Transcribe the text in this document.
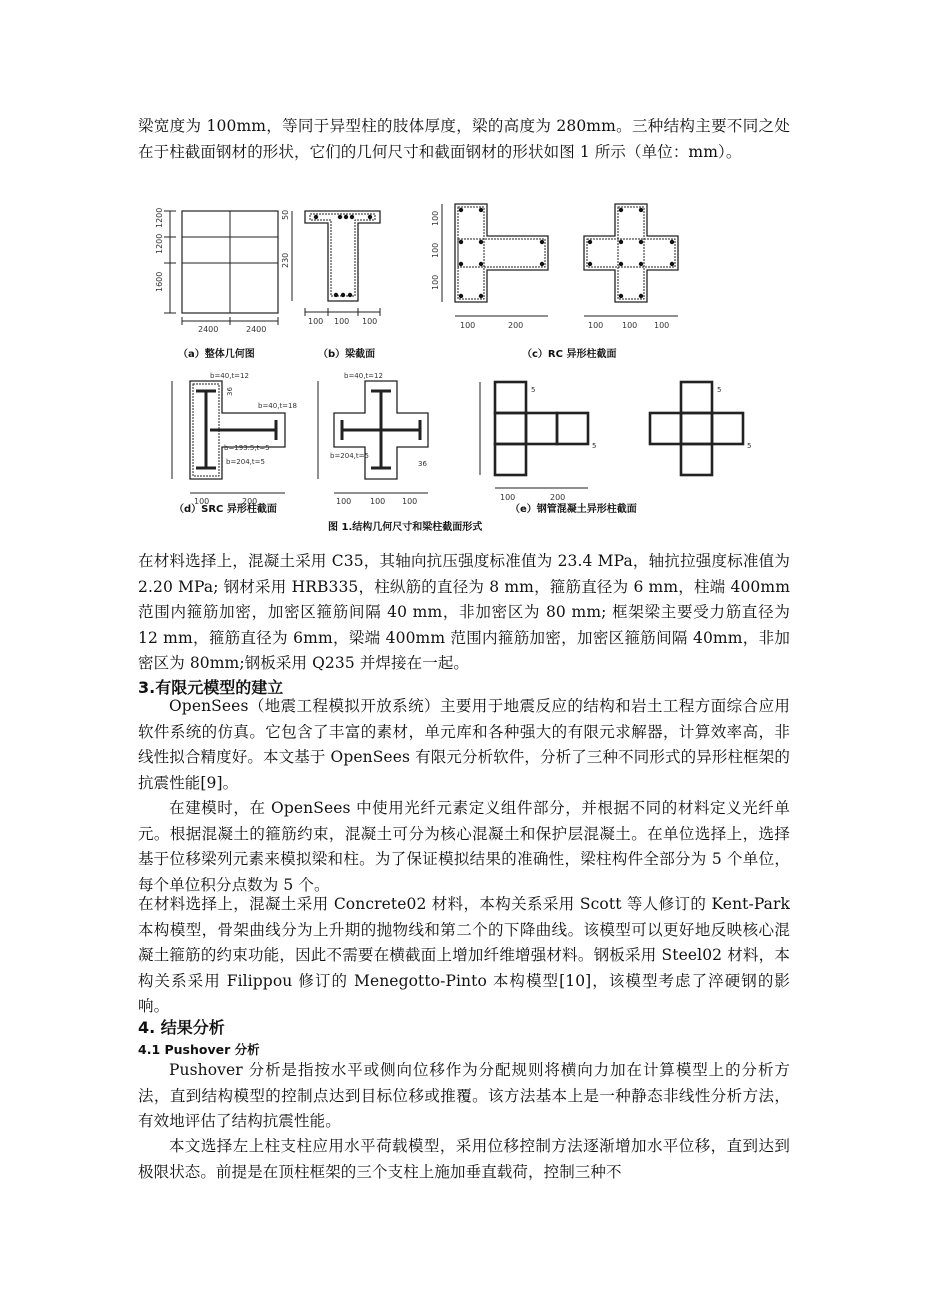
梁宽度为 100mm，等同于异型柱的肢体厚度，梁的高度为 280mm。三种结构主要不同之处在于柱截面钢材的形状，它们的几何尺寸和截面钢材的形状如图 1 所示（单位：mm）。

1200
1200
1600
2400	2400
50
230
100 100 100
100
100
100
100	200	100 100 100
b=40,t=12
b=40,t=18
b=193.5,t=5
b=204,t=5
b=40,t=12
b=204,t=5
36
36
100	200	100 100 100	100	200
5
5
5
5
（a）整体几何图	（b）梁截面	（c）RC 异形柱截面
（d）SRC 异形柱截面	（e）钢管混凝土异形柱截面
图 1.结构几何尺寸和梁柱截面形式

在材料选择上，混凝土采用 C35，其轴向抗压强度标准值为 23.4 MPa，轴抗拉强度标准值为 2.20 MPa; 钢材采用 HRB335，柱纵筋的直径为 8 mm，箍筋直径为 6 mm，柱端 400mm 范围内箍筋加密，加密区箍筋间隔 40 mm，非加密区为 80 mm; 框架梁主要受力筋直径为 12 mm，箍筋直径为 6mm，梁端 400mm 范围内箍筋加密，加密区箍筋间隔 40mm，非加密区为 80mm;钢板采用 Q235 并焊接在一起。

3.有限元模型的建立

OpenSees（地震工程模拟开放系统）主要用于地震反应的结构和岩土工程方面综合应用 软件系统的仿真。它包含了丰富的素材，单元库和各种强大的有限元求解器，计算效率高，非线性拟合精度好。本文基于 OpenSees 有限元分析软件，分析了三种不同形式的异形柱框架的抗震性能[9]。

在建模时，在 OpenSees 中使用光纤元素定义组件部分，并根据不同的材料定义光纤单元。根据混凝土的箍筋约束，混凝土可分为核心混凝土和保护层混凝土。在单位选择上，选择基于位移梁列元素来模拟梁和柱。为了保证模拟结果的准确性，梁柱构件全部分为 5 个单位，每个单位积分点数为 5 个。

在材料选择上，混凝土采用 Concrete02 材料，本构关系采用 Scott 等人修订的 Kent-Park 本构模型，骨架曲线分为上升期的抛物线和第二个的下降曲线。该模型可以更好地反映核心混凝土箍筋的约束功能，因此不需要在横截面上增加纤维增强材料。钢板采用 Steel02 材料，本构关系采用 Filippou 修订的 Menegotto-Pinto 本构模型[10]，该模型考虑了淬硬钢的影响。

4. 结果分析
4.1 Pushover 分析

Pushover 分析是指按水平或侧向位移作为分配规则将横向力加在计算模型上的分析方法，直到结构模型的控制点达到目标位移或推覆。该方法基本上是一种静态非线性分析方法，有效地评估了结构抗震性能。

本文选择左上柱支柱应用水平荷载模型，采用位移控制方法逐渐增加水平位移，直到达到极限状态。前提是在顶柱框架的三个支柱上施加垂直载荷，控制三种不
